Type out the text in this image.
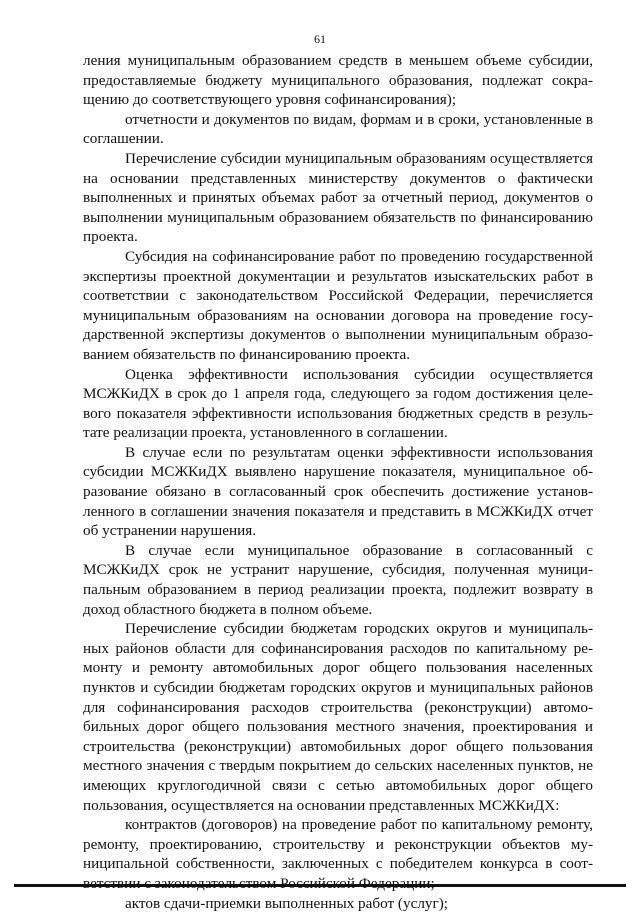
61

ления муниципальным образованием средств в меньшем объеме субсидии, предоставляемые бюджету муниципального образования, подлежат сокращению до соответствующего уровня софинансирования);

отчетности и документов по видам, формам и в сроки, установленные в соглашении.

Перечисление субсидии муниципальным образованиям осуществляется на основании представленных министерству документов о фактически выполненных и принятых объемах работ за отчетный период, документов о выполнении муниципальным образованием обязательств по финансированию проекта.

Субсидия на софинансирование работ по проведению государственной экспертизы проектной документации и результатов изыскательских работ в соответствии с законодательством Российской Федерации, перечисляется муниципальным образованиям на основании договора на проведение государственной экспертизы документов о выполнении муниципальным образованием обязательств по финансированию проекта.

Оценка эффективности использования субсидии осуществляется МСЖКиДХ в срок до 1 апреля года, следующего за годом достижения целевого показателя эффективности использования бюджетных средств в результате реализации проекта, установленного в соглашении.

В случае если по результатам оценки эффективности использования субсидии МСЖКиДХ выявлено нарушение показателя, муниципальное образование обязано в согласованный срок обеспечить достижение установленного в соглашении значения показателя и представить в МСЖКиДХ отчет об устранении нарушения.

В случае если муниципальное образование в согласованный с МСЖКиДХ срок не устранит нарушение, субсидия, полученная муниципальным образованием в период реализации проекта, подлежит возврату в доход областного бюджета в полном объеме.

Перечисление субсидии бюджетам городских округов и муниципальных районов области для софинансирования расходов по капитальному ремонту и ремонту автомобильных дорог общего пользования населенных пунктов и субсидии бюджетам городских округов и муниципальных районов для софинансирования расходов строительства (реконструкции) автомобильных дорог общего пользования местного значения, проектирования и строительства (реконструкции) автомобильных дорог общего пользования местного значения с твердым покрытием до сельских населенных пунктов, не имеющих круглогодичной связи с сетью автомобильных дорог общего пользования, осуществляется на основании представленных МСЖКиДХ:

контрактов (договоров) на проведение работ по капитальному ремонту, ремонту, проектированию, строительству и реконструкции объектов муниципальной собственности, заключенных с победителем конкурса в соот

актов сдачи-приемки выполненных работ (услуг);
